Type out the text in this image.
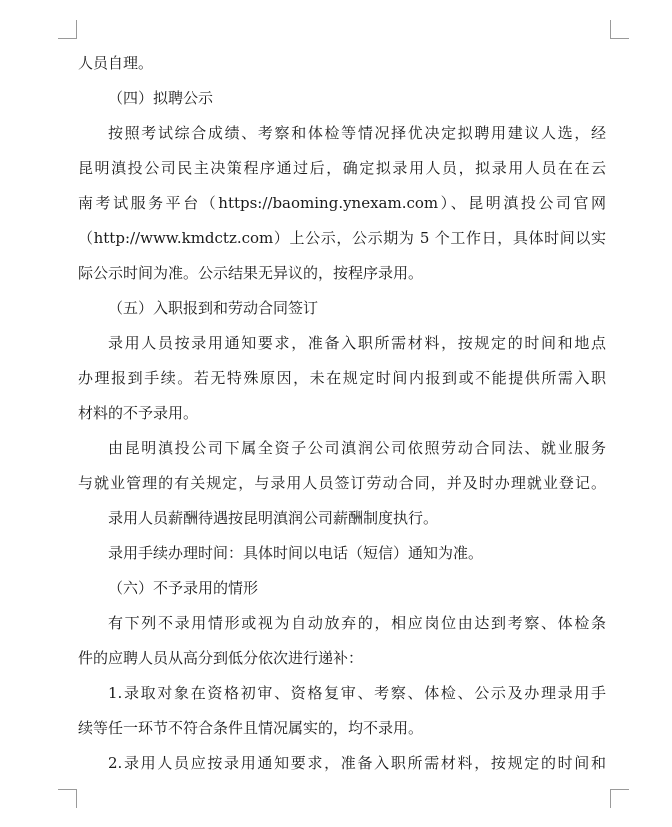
人员自理。
（四）拟聘公示
按照考试综合成绩、考察和体检等情况择优决定拟聘用建议人选，经
昆明滇投公司民主决策程序通过后，确定拟录用人员，拟录用人员在在云
南考试服务平台（https://baoming.ynexam.com）、昆明滇投公司官网
（http://www.kmdctz.com）上公示，公示期为 5 个工作日，具体时间以实
际公示时间为准。公示结果无异议的，按程序录用。
（五）入职报到和劳动合同签订
录用人员按录用通知要求，准备入职所需材料，按规定的时间和地点
办理报到手续。若无特殊原因，未在规定时间内报到或不能提供所需入职
材料的不予录用。
由昆明滇投公司下属全资子公司滇润公司依照劳动合同法、就业服务
与就业管理的有关规定，与录用人员签订劳动合同，并及时办理就业登记。
录用人员薪酬待遇按昆明滇润公司薪酬制度执行。
录用手续办理时间：具体时间以电话（短信）通知为准。
（六）不予录用的情形
有下列不录用情形或视为自动放弃的，相应岗位由达到考察、体检条
件的应聘人员从高分到低分依次进行递补：
1.录取对象在资格初审、资格复审、考察、体检、公示及办理录用手
续等任一环节不符合条件且情况属实的，均不录用。
2.录用人员应按录用通知要求，准备入职所需材料，按规定的时间和
